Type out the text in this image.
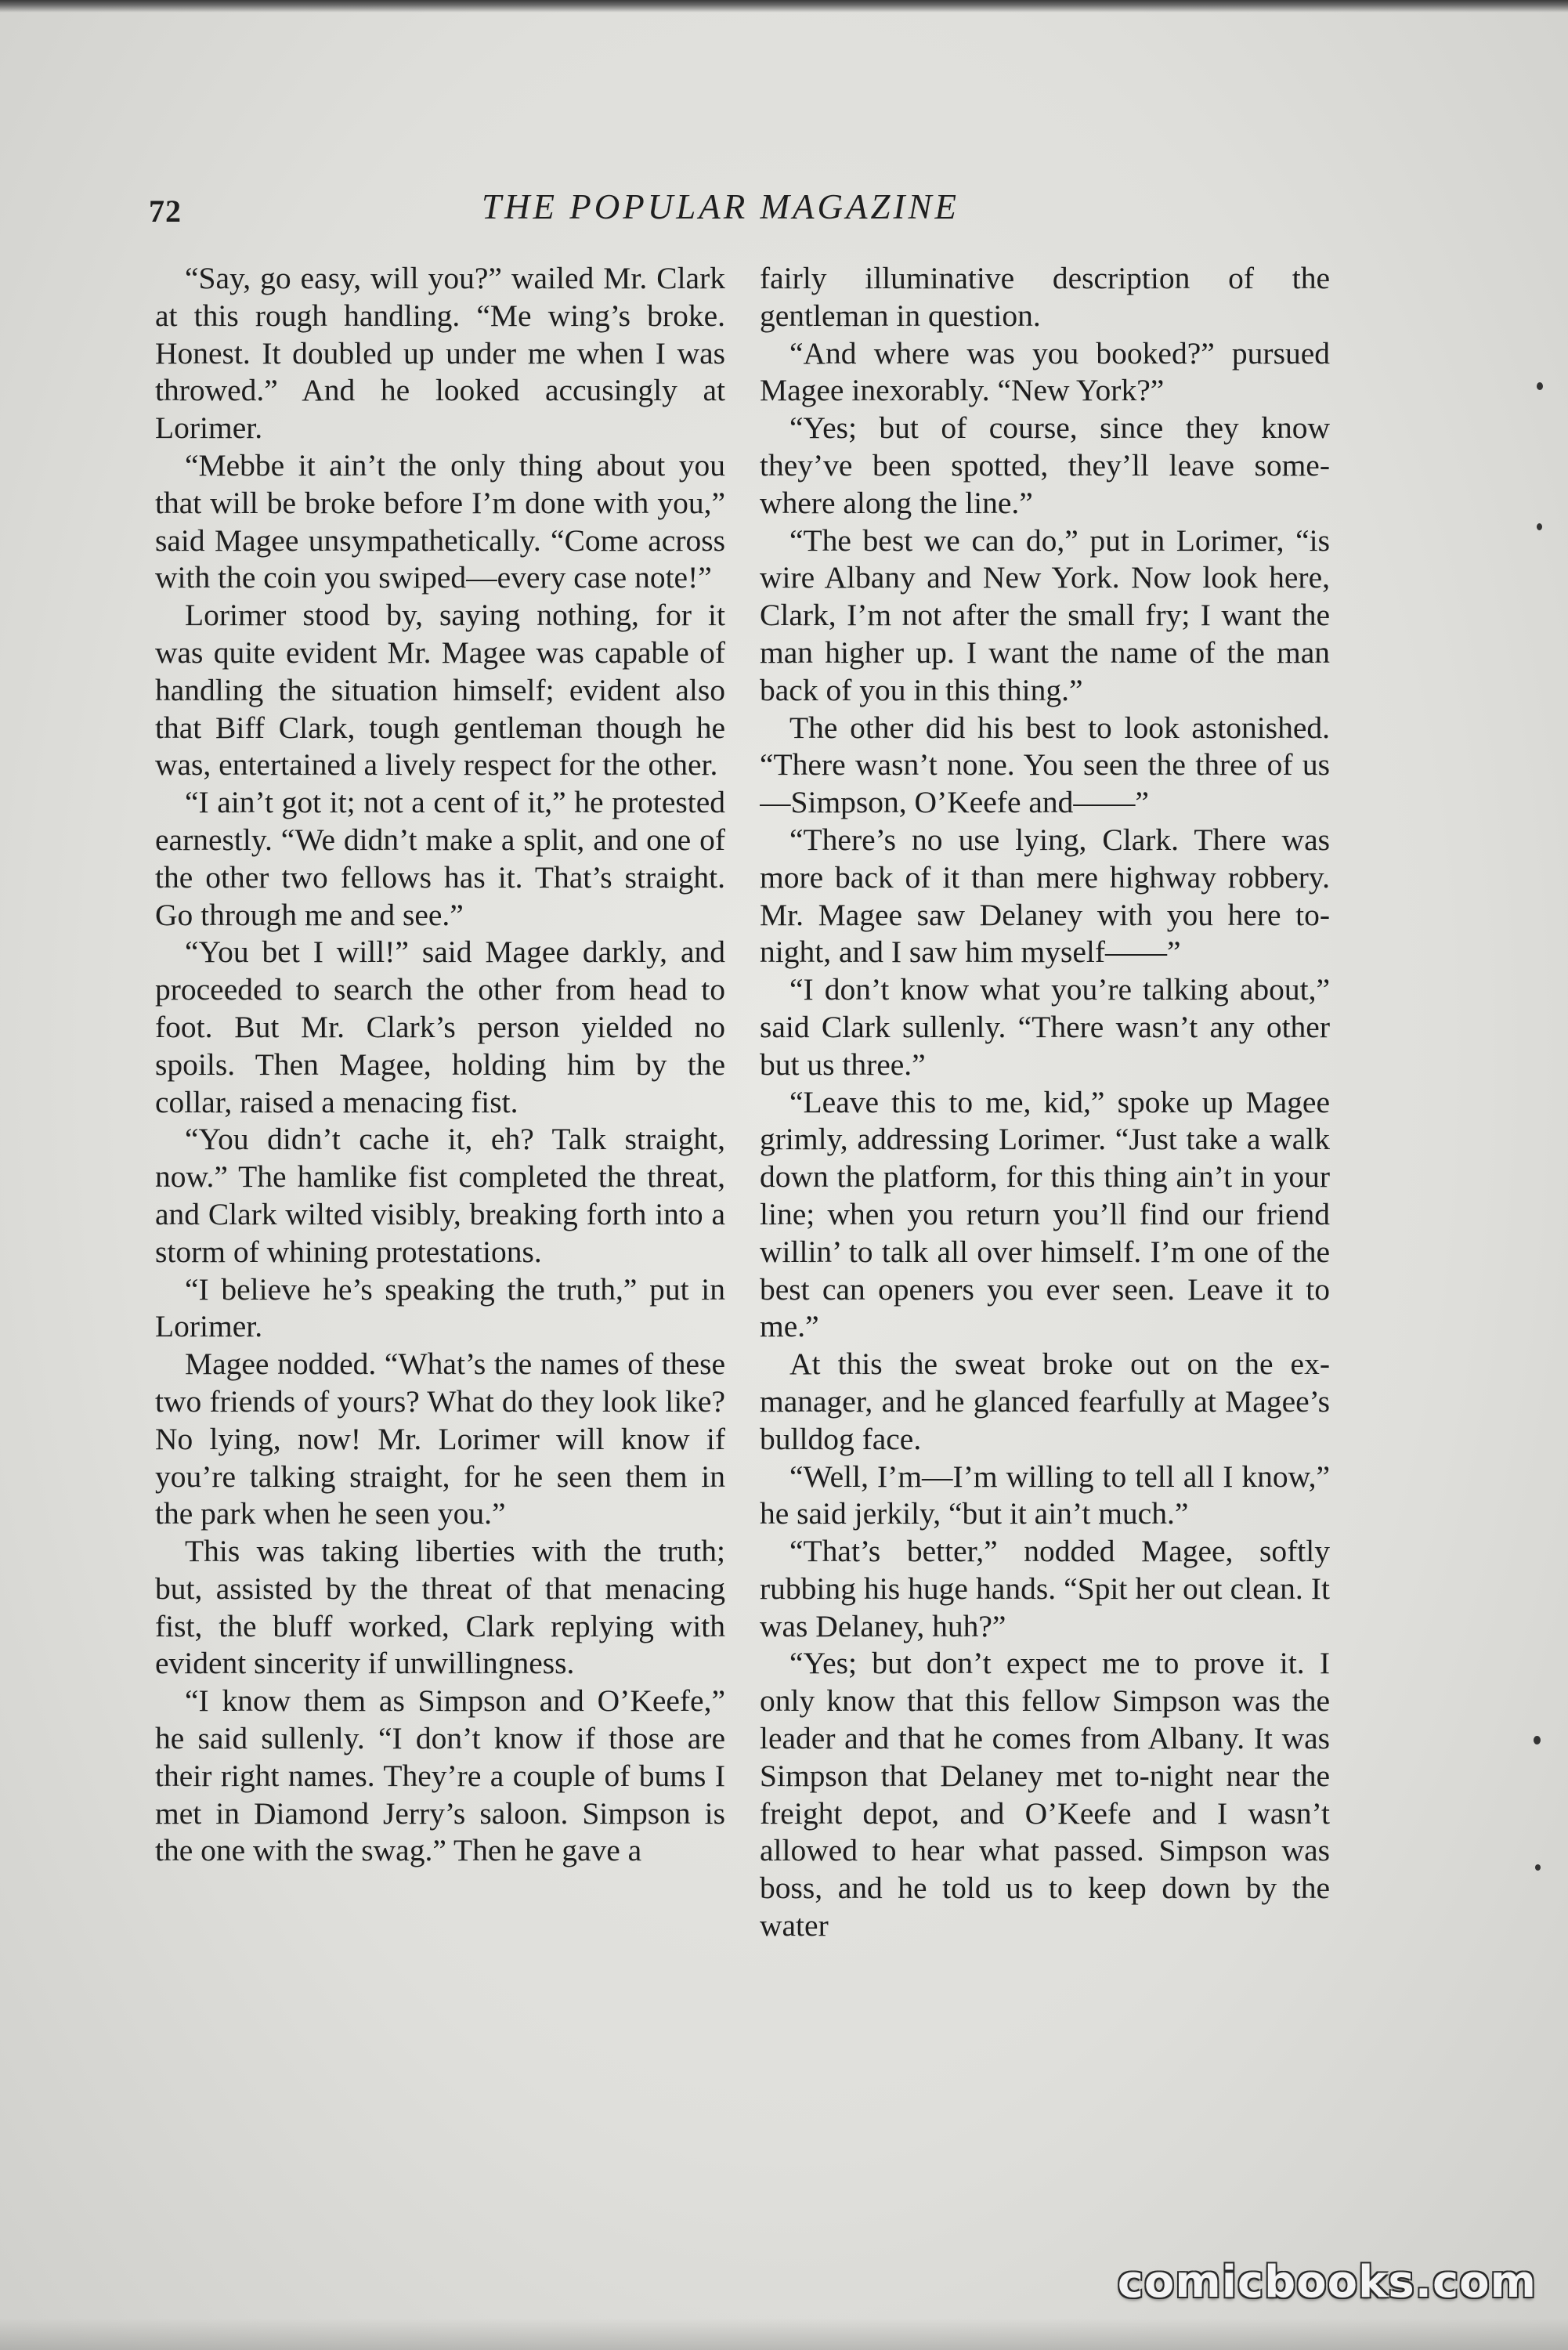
72	THE POPULAR MAGAZINE

“Say, go easy, will you?” wailed Mr. Clark at this rough handling. “Me wing’s broke. Honest. It doubled up under me when I was throwed.” And he looked accusingly at Lorimer.

“Mebbe it ain’t the only thing about you that will be broke before I’m done with you,” said Magee unsympathetically. “Come across with the coin you swiped—every case note!”

Lorimer stood by, saying nothing, for it was quite evident Mr. Magee was capable of handling the situation himself; evident also that Biff Clark, tough gentleman though he was, entertained a lively respect for the other.

“I ain’t got it; not a cent of it,” he protested earnestly. “We didn’t make a split, and one of the other two fellows has it. That’s straight. Go through me and see.”

“You bet I will!” said Magee darkly, and proceeded to search the other from head to foot. But Mr. Clark’s person yielded no spoils. Then Magee, holding him by the collar, raised a menacing fist.

“You didn’t cache it, eh? Talk straight, now.” The hamlike fist completed the threat, and Clark wilted visibly, breaking forth into a storm of whining protestations.

“I believe he’s speaking the truth,” put in Lorimer.

Magee nodded. “What’s the names of these two friends of yours? What do they look like? No lying, now! Mr. Lorimer will know if you’re talking straight, for he seen them in the park when he seen you.”

This was taking liberties with the truth; but, assisted by the threat of that menacing fist, the bluff worked, Clark replying with evident sincerity if unwillingness.

“I know them as Simpson and O’Keefe,” he said sullenly. “I don’t know if those are their right names. They’re a couple of bums I met in Diamond Jerry’s saloon. Simpson is the one with the swag.” Then he gave a

fairly illuminative description of the gentleman in question.

“And where was you booked?” pursued Magee inexorably. “New York?”

“Yes; but of course, since they know they’ve been spotted, they’ll leave somewhere along the line.”

“The best we can do,” put in Lorimer, “is wire Albany and New York. Now look here, Clark, I’m not after the small fry; I want the man higher up. I want the name of the man back of you in this thing.”

The other did his best to look astonished. “There wasn’t none. You seen the three of us—Simpson, O’Keefe and——”

“There’s no use lying, Clark. There was more back of it than mere highway robbery. Mr. Magee saw Delaney with you here to-night, and I saw him myself——”

“I don’t know what you’re talking about,” said Clark sullenly. “There wasn’t any other but us three.”

“Leave this to me, kid,” spoke up Magee grimly, addressing Lorimer. “Just take a walk down the platform, for this thing ain’t in your line; when you return you’ll find our friend willin’ to talk all over himself. I’m one of the best can openers you ever seen. Leave it to me.”

At this the sweat broke out on the ex-manager, and he glanced fearfully at Magee’s bulldog face.

“Well, I’m—I’m willing to tell all I know,” he said jerkily, “but it ain’t much.”

“That’s better,” nodded Magee, softly rubbing his huge hands. “Spit her out clean. It was Delaney, huh?”

“Yes; but don’t expect me to prove it. I only know that this fellow Simpson was the leader and that he comes from Albany. It was Simpson that Delaney met to-night near the freight depot, and O’Keefe and I wasn’t allowed to hear what passed. Simpson was boss, and he told us to keep down by the water

comicbooks.com
